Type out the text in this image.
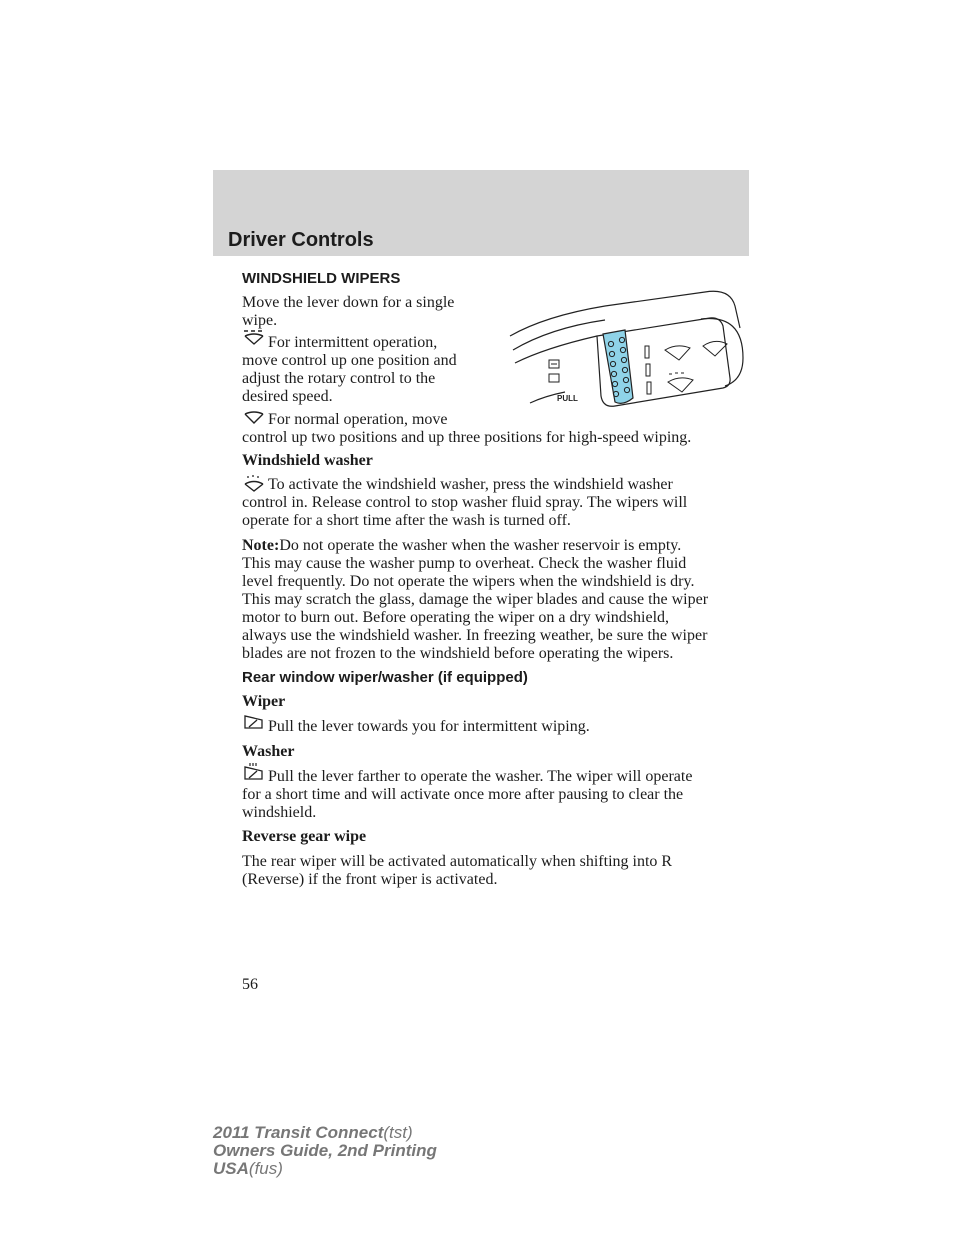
Driver Controls
WINDSHIELD WIPERS

Move the lever down for a single

wipe.

For intermittent operation,

move control up one position and

adjust the rotary control to the

desired speed.

For normal operation, move

control up two positions and up three positions for high-speed wiping.

PULL
Windshield washer

To activate the windshield washer, press the windshield washer

control in. Release control to stop washer fluid spray. The wipers will

operate for a short time after the wash is turned off.

Note:Do not operate the washer when the washer reservoir is empty.

This may cause the washer pump to overheat. Check the washer fluid

level frequently. Do not operate the wipers when the windshield is dry.

This may scratch the glass, damage the wiper blades and cause the wiper

motor to burn out. Before operating the wiper on a dry windshield,

always use the windshield washer. In freezing weather, be sure the wiper

blades are not frozen to the windshield before operating the wipers.

Rear window wiper/washer (if equipped)
Wiper

Pull the lever towards you for intermittent wiping.

Washer

Pull the lever farther to operate the washer. The wiper will operate

for a short time and will activate once more after pausing to clear the

windshield.

Reverse gear wipe

The rear wiper will be activated automatically when shifting into R

(Reverse) if the front wiper is activated.

56
2011 Transit Connect(tst)
Owners Guide, 2nd Printing
USA(fus)
